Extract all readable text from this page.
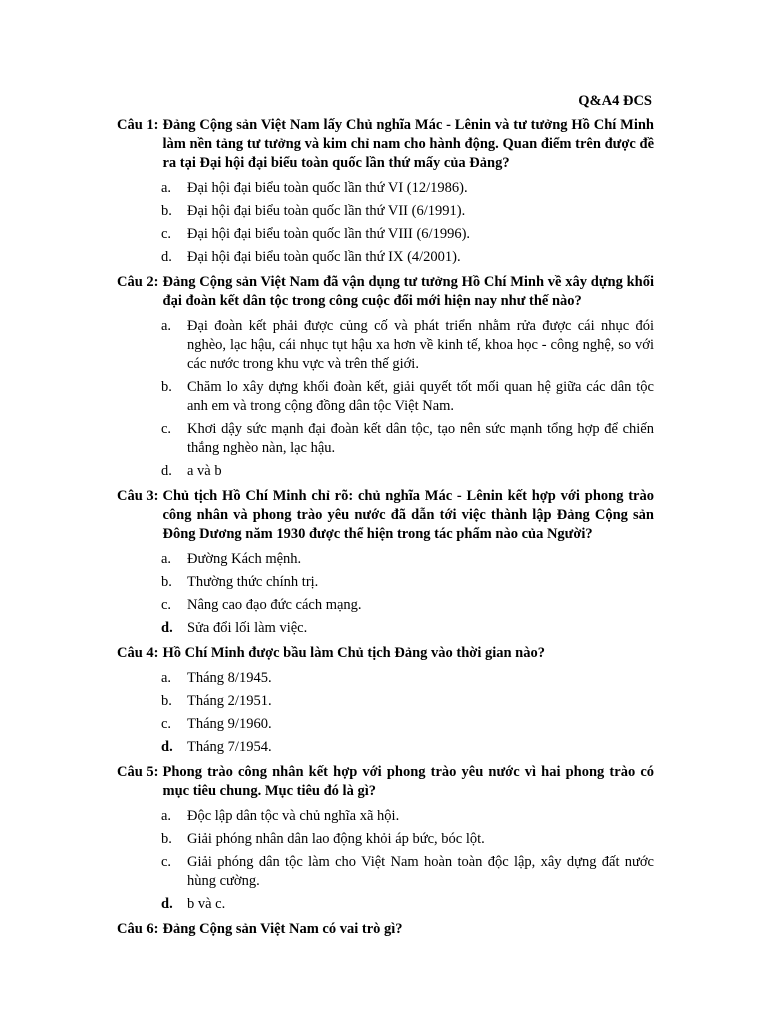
Q&A4 ĐCS
Câu 1: Đảng Cộng sản Việt Nam lấy Chủ nghĩa Mác - Lênin và tư tưởng Hồ Chí Minh làm nền tảng tư tưởng và kim chỉ nam cho hành động. Quan điểm trên được đề ra tại Đại hội đại biểu toàn quốc lần thứ mấy của Đảng?
a.	Đại hội đại biểu toàn quốc lần thứ VI (12/1986).
b.	Đại hội đại biểu toàn quốc lần thứ VII (6/1991).
c.	Đại hội đại biểu toàn quốc lần thứ VIII (6/1996).
d.	Đại hội đại biểu toàn quốc lần thứ IX (4/2001).
Câu 2: Đảng Cộng sản Việt Nam đã vận dụng tư tưởng Hồ Chí Minh về xây dựng khối đại đoàn kết dân tộc trong công cuộc đổi mới hiện nay như thế nào?
a.	Đại đoàn kết phải được củng cố và phát triển nhằm rửa được cái nhục đói nghèo, lạc hậu, cái nhục tụt hậu xa hơn về kinh tế, khoa học - công nghệ, so với các nước trong khu vực và trên thế giới.
b.	Chăm lo xây dựng khối đoàn kết, giải quyết tốt mối quan hệ giữa các dân tộc anh em và trong cộng đồng dân tộc Việt Nam.
c.	Khơi dậy sức mạnh đại đoàn kết dân tộc, tạo nên sức mạnh tổng hợp để chiến thắng nghèo nàn, lạc hậu.
d.	a và b
Câu 3: Chủ tịch Hồ Chí Minh chỉ rõ: chủ nghĩa Mác - Lênin kết hợp với phong trào công nhân và phong trào yêu nước đã dẫn tới việc thành lập Đảng Cộng sản Đông Dương năm 1930 được thể hiện trong tác phẩm nào của Người?
a.	Đường Kách mệnh.
b.	Thường thức chính trị.
c.	Nâng cao đạo đức cách mạng.
d. Sửa đổi lối làm việc.
Câu 4: Hồ Chí Minh được bầu làm Chủ tịch Đảng vào thời gian nào?
a.	Tháng 8/1945.
b.	Tháng 2/1951.
c.	Tháng 9/1960.
d. Tháng 7/1954.
Câu 5: Phong trào công nhân kết hợp với phong trào yêu nước vì hai phong trào có mục tiêu chung. Mục tiêu đó là gì?
a.	Độc lập dân tộc và chủ nghĩa xã hội.
b.	Giải phóng nhân dân lao động khỏi áp bức, bóc lột.
c.	Giải phóng dân tộc làm cho Việt Nam hoàn toàn độc lập, xây dựng đất nước hùng cường.
d. b và c.
Câu 6: Đảng Cộng sản Việt Nam có vai trò gì?
